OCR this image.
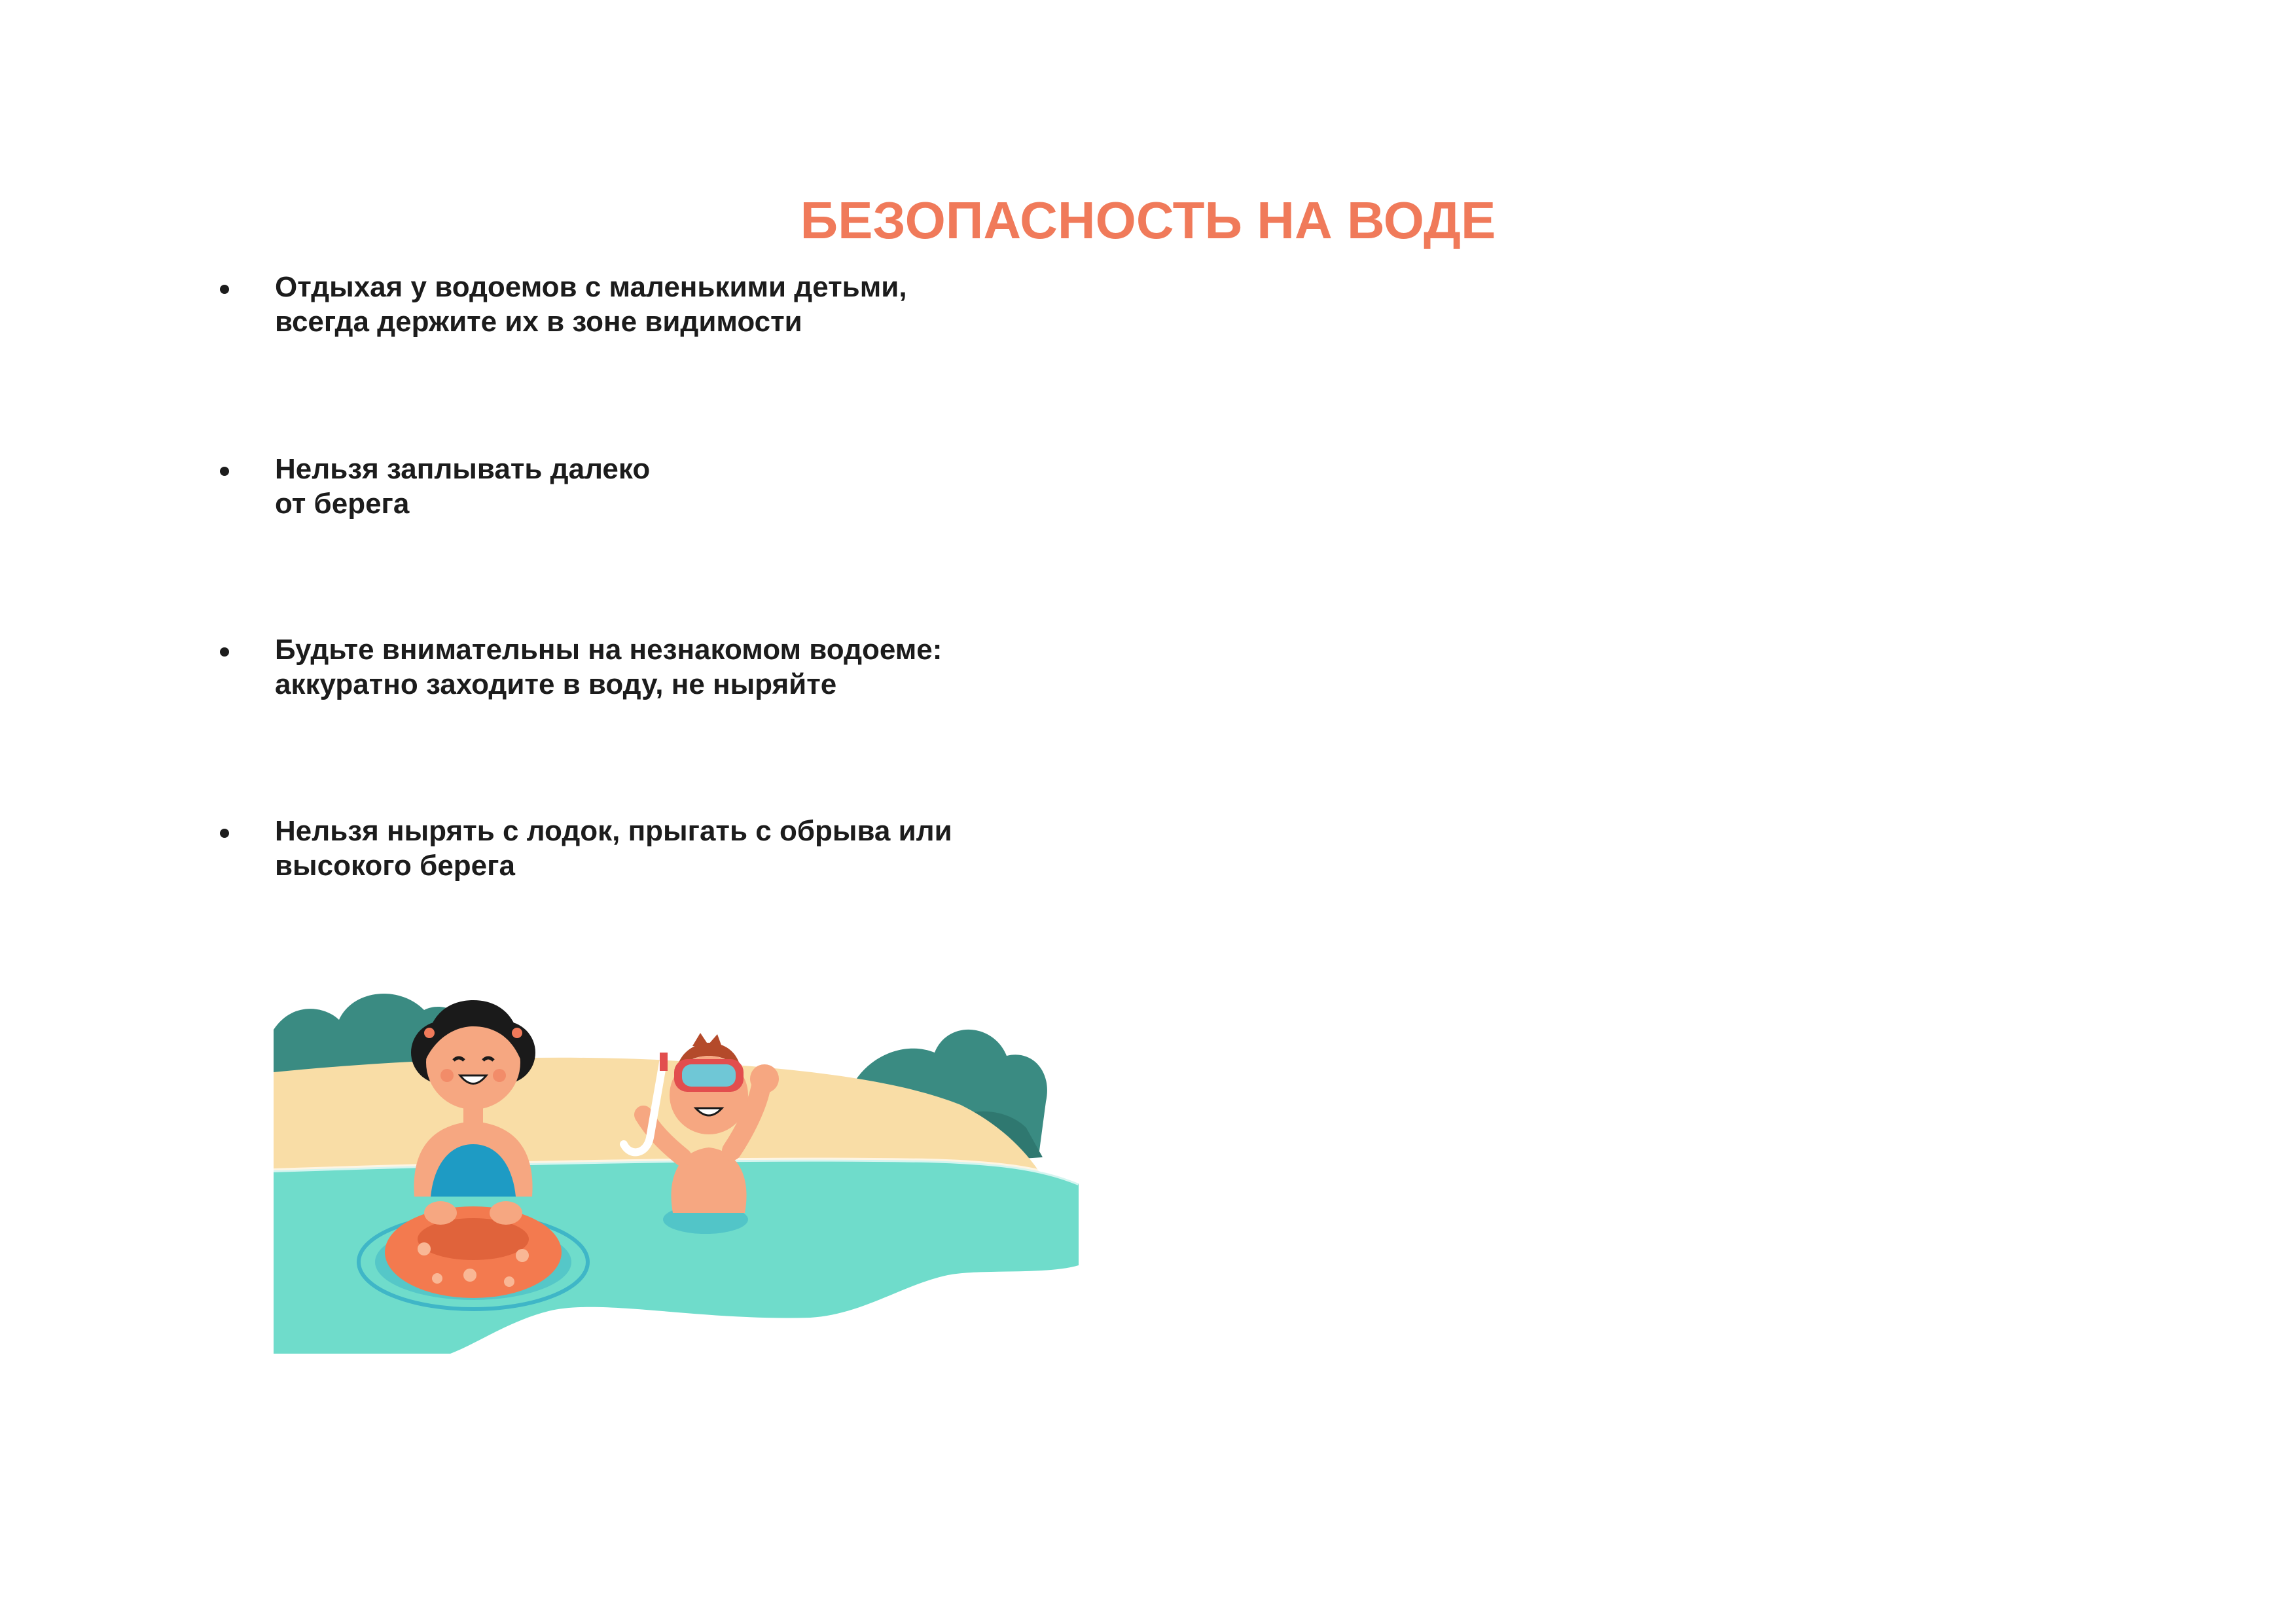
БЕЗОПАСНОСТЬ НА ВОДЕ
Отдыхая у водоемов с маленькими детьми,
всегда держите их в зоне видимости
Нельзя заплывать далеко
от берега
Будьте внимательны на незнакомом водоеме:
аккуратно заходите в воду, не ныряйте
Нельзя нырять с лодок, прыгать с обрыва или
высокого берега
